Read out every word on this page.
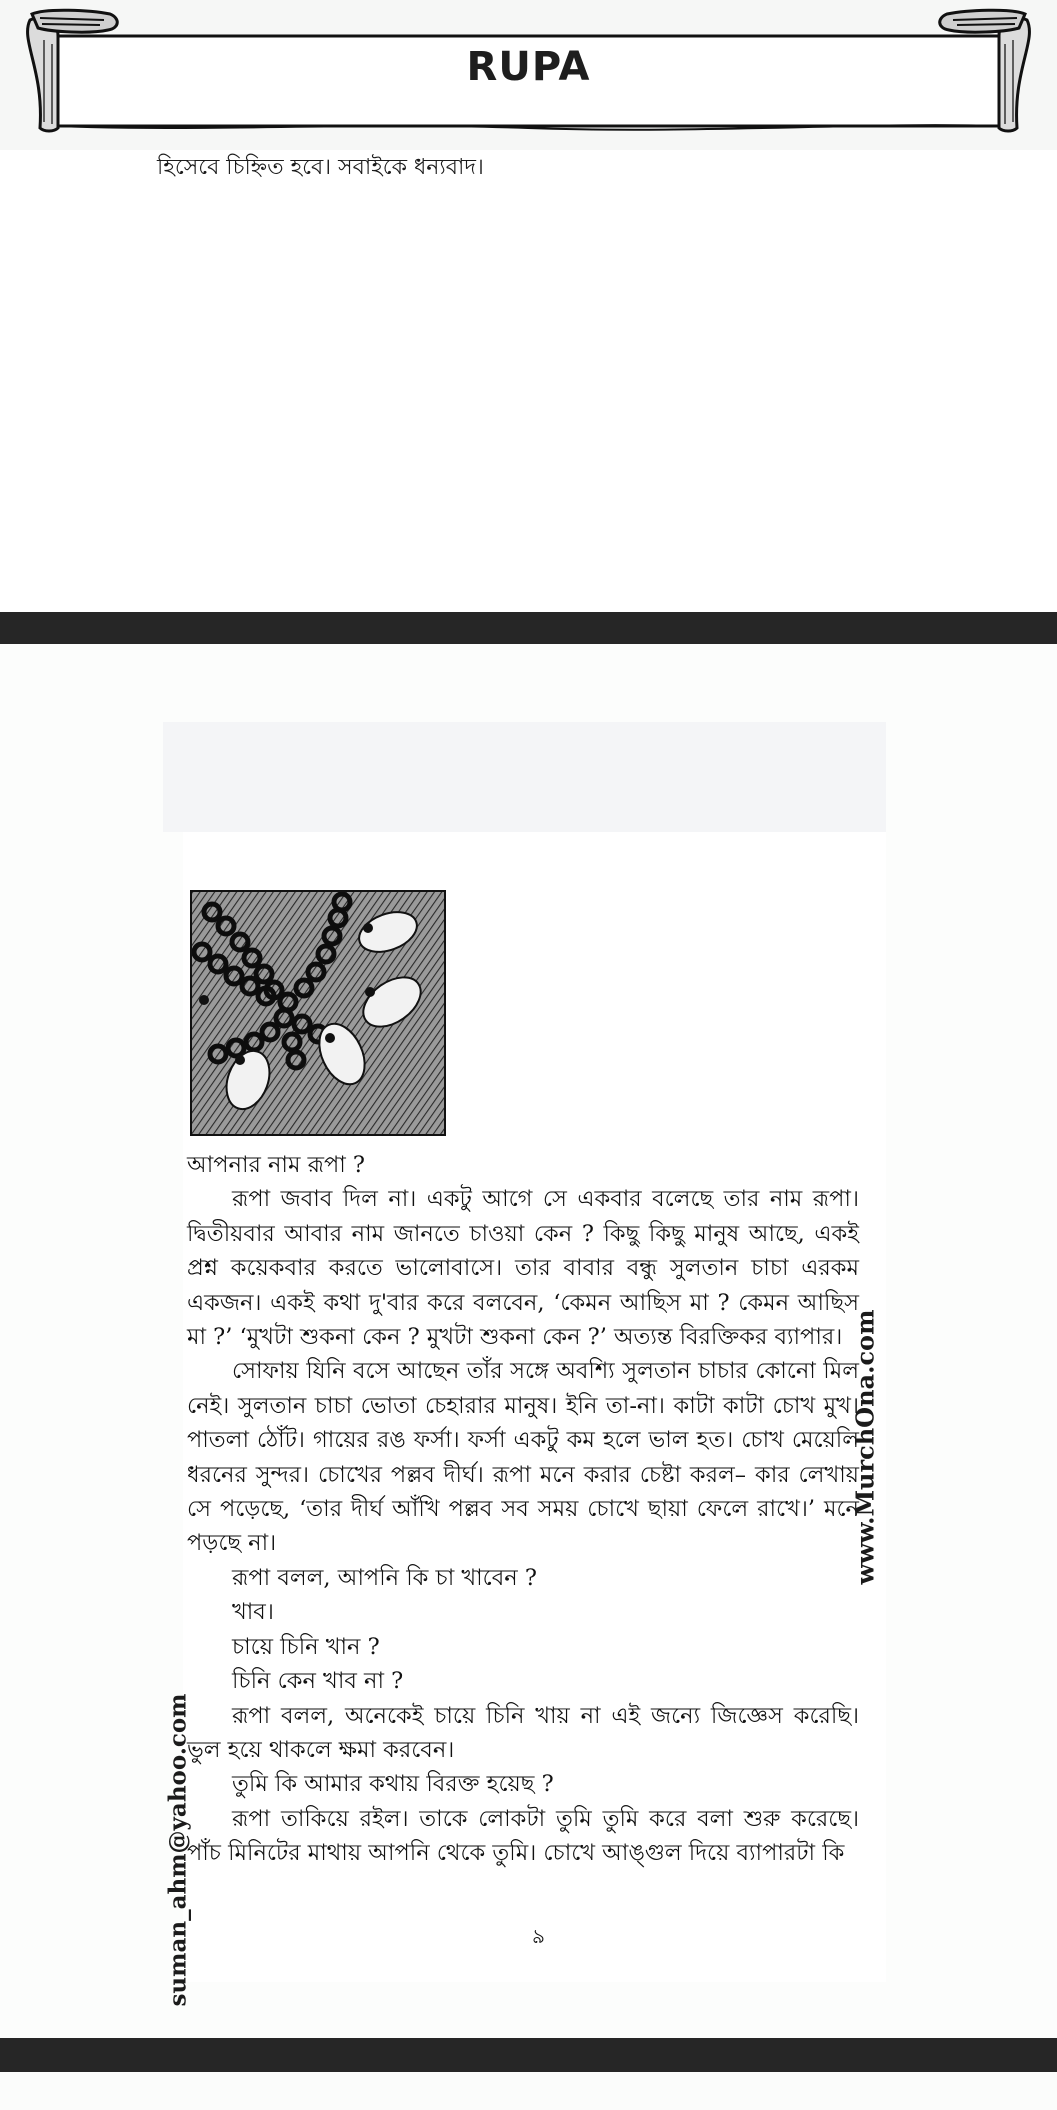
RUPA
হিসেবে চিহ্নিত হবে। সবাইকে ধন্যবাদ।

আপনার নাম রূপা ?

রূপা জবাব দিল না। একটু আগে সে একবার বলেছে তার নাম রূপা। দ্বিতীয়বার আবার নাম জানতে চাওয়া কেন ? কিছু কিছু মানুষ আছে, একই প্রশ্ন কয়েকবার করতে ভালোবাসে। তার বাবার বন্ধু সুলতান চাচা এরকম একজন। একই কথা দু'বার করে বলবেন, ‘কেমন আছিস মা ? কেমন আছিস মা ?’ ‘মুখটা শুকনা কেন ? মুখটা শুকনা কেন ?’ অত্যন্ত বিরক্তিকর ব্যাপার।

সোফায় যিনি বসে আছেন তাঁর সঙ্গে অবশ্যি সুলতান চাচার কোনো মিল নেই। সুলতান চাচা ভোতা চেহারার মানুষ। ইনি তা-না। কাটা কাটা চোখ মুখ। পাতলা ঠোঁট। গায়ের রঙ ফর্সা। ফর্সা একটু কম হলে ভাল হত। চোখ মেয়েলি ধরনের সুন্দর। চোখের পল্লব দীর্ঘ। রূপা মনে করার চেষ্টা করল– কার লেখায় সে পড়েছে, ‘তার দীর্ঘ আঁখি পল্লব সব সময় চোখে ছায়া ফেলে রাখে।’ মনে পড়ছে না।

রূপা বলল, আপনি কি চা খাবেন ?

খাব।

চায়ে চিনি খান ?

চিনি কেন খাব না ?

রূপা বলল, অনেকেই চায়ে চিনি খায় না এই জন্যে জিজ্ঞেস করেছি। ভুল হয়ে থাকলে ক্ষমা করবেন।

তুমি কি আমার কথায় বিরক্ত হয়েছ ?

রূপা তাকিয়ে রইল। তাকে লোকটা তুমি তুমি করে বলা শুরু করেছে। পাঁচ মিনিটের মাথায় আপনি থেকে তুমি। চোখে আঙ্গুল দিয়ে ব্যাপারটা কি

www.MurchOna.com
suman_ahm@yahoo.com	৯
